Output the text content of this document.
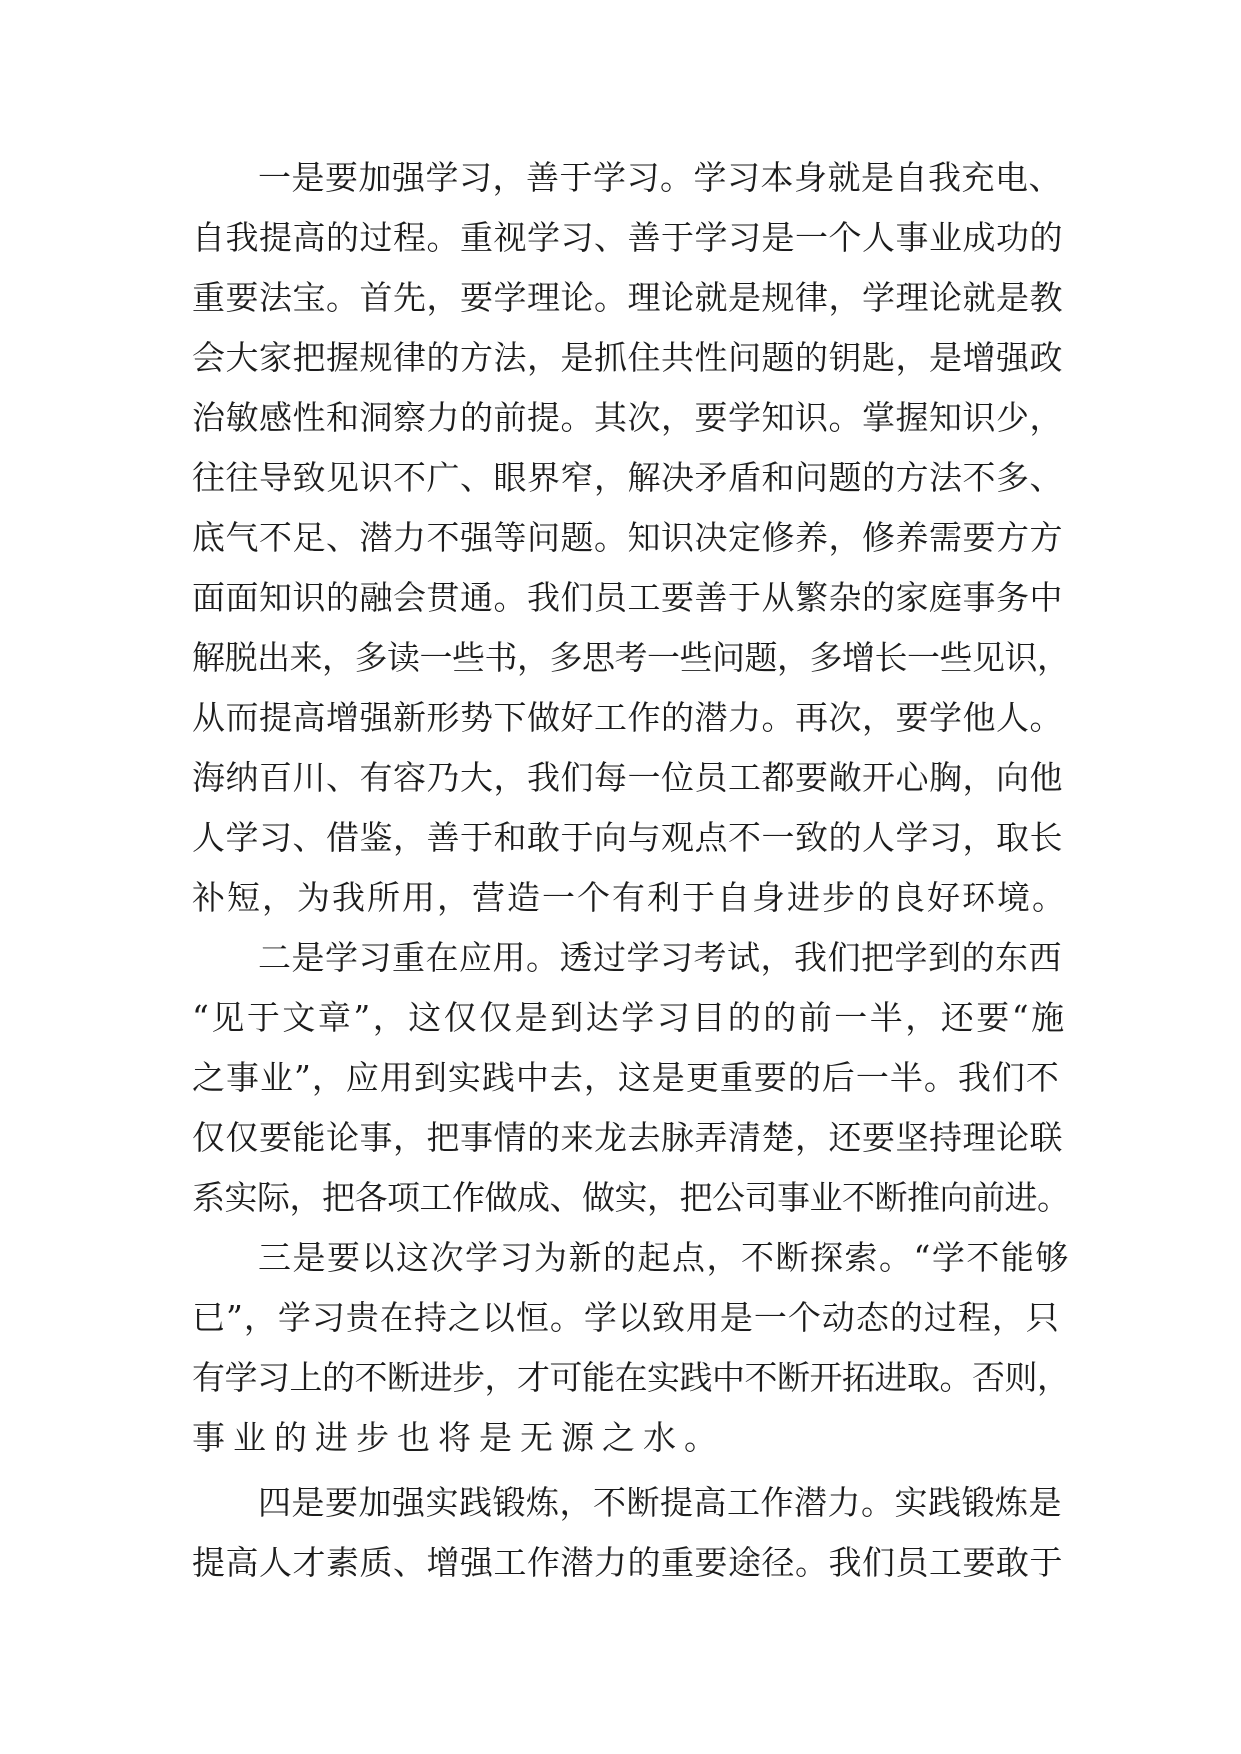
一是要加强学习，善于学习。学习本身就是自我充电、
自我提高的过程。重视学习、善于学习是一个人事业成功的
重要法宝。首先，要学理论。理论就是规律，学理论就是教
会大家把握规律的方法，是抓住共性问题的钥匙，是增强政
治敏感性和洞察力的前提。其次，要学知识。掌握知识少，
往往导致见识不广、眼界窄，解决矛盾和问题的方法不多、
底气不足、潜力不强等问题。知识决定修养，修养需要方方
面面知识的融会贯通。我们员工要善于从繁杂的家庭事务中
解脱出来，多读一些书，多思考一些问题，多增长一些见识，
从而提高增强新形势下做好工作的潜力。再次，要学他人。
海纳百川、有容乃大，我们每一位员工都要敞开心胸，向他
人学习、借鉴，善于和敢于向与观点不一致的人学习，取长
补短，为我所用，营造一个有利于自身进步的良好环境。
二是学习重在应用。透过学习考试，我们把学到的东西
“见于文章”，这仅仅是到达学习目的的前一半，还要“施
之事业”，应用到实践中去，这是更重要的后一半。我们不
仅仅要能论事，把事情的来龙去脉弄清楚，还要坚持理论联
系实际，把各项工作做成、做实，把公司事业不断推向前进。
三是要以这次学习为新的起点，不断探索。“学不能够
已”，学习贵在持之以恒。学以致用是一个动态的过程，只
有学习上的不断进步，才可能在实践中不断开拓进取。否则，
事业的进步也将是无源之水。
四是要加强实践锻炼，不断提高工作潜力。实践锻炼是
提高人才素质、增强工作潜力的重要途径。我们员工要敢于
